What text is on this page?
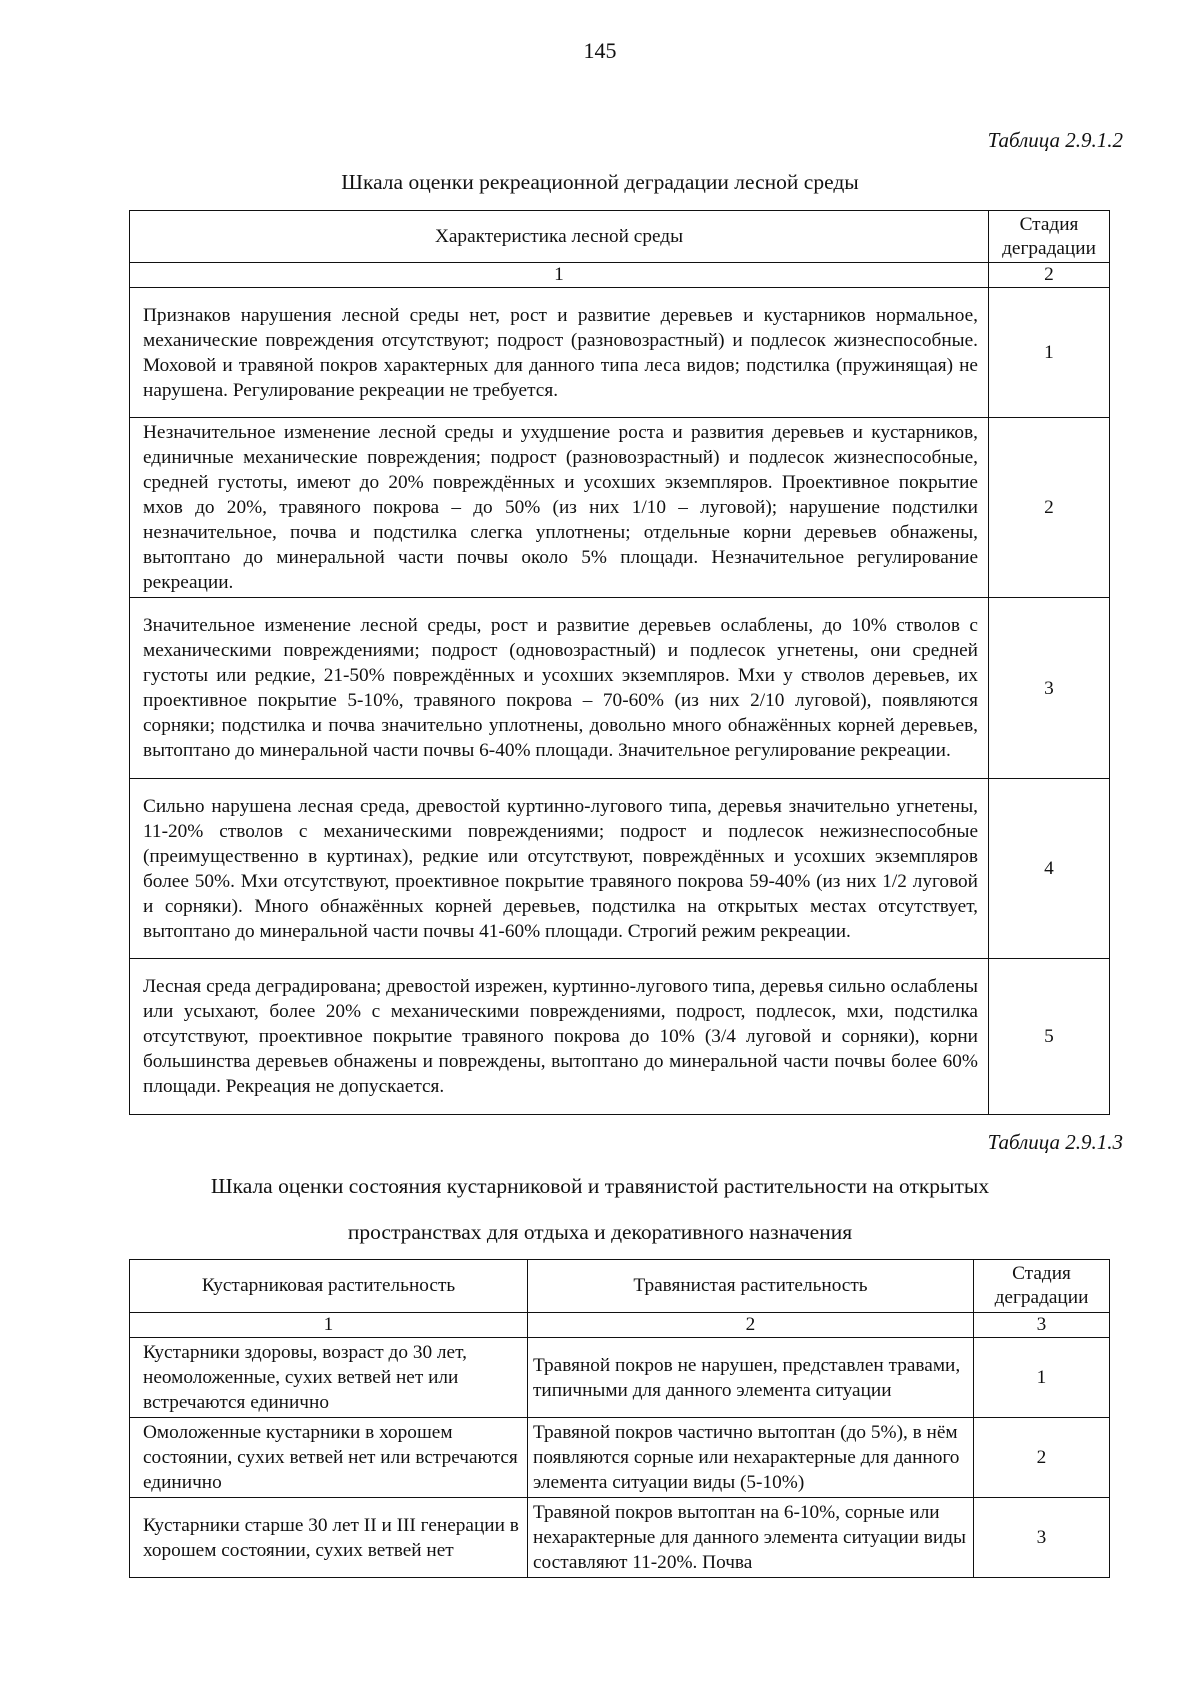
145
Таблица 2.9.1.2
Шкала оценки рекреационной деградации лесной среды
Характеристика лесной среды	Стадия деградации
1	2
Признаков нарушения лесной среды нет, рост и развитие деревьев и кустарников нормальное, механические повреждения отсутствуют; подрост (разновозрастный) и подлесок жизнеспособные. Моховой и травяной покров характерных для данного типа леса видов; подстилка (пружинящая) не нарушена. Регулирование рекреации не требуется.	1
Незначительное изменение лесной среды и ухудшение роста и развития деревьев и кустарников, единичные механические повреждения; подрост (разновозрастный) и подлесок жизнеспособные, средней густоты, имеют до 20% повреждённых и усохших экземпляров. Проективное покрытие мхов до 20%, травяного покрова – до 50% (из них 1/10 – луговой); нарушение подстилки незначительное, почва и подстилка слегка уплотнены; отдельные корни деревьев обнажены, вытоптано до минеральной части почвы около 5% площади. Незначительное регулирование рекреации.	2
Значительное изменение лесной среды, рост и развитие деревьев ослаблены, до 10% стволов с механическими повреждениями; подрост (одновозрастный) и подлесок угнетены, они средней густоты или редкие, 21-50% повреждённых и усохших экземпляров. Мхи у стволов деревьев, их проективное покрытие 5-10%, травяного покрова – 70-60% (из них 2/10 луговой), появляются сорняки; подстилка и почва значительно уплотнены, довольно много обнажённых корней деревьев, вытоптано до минеральной части почвы 6-40% площади. Значительное регулирование рекреации.	3
Сильно нарушена лесная среда, древостой куртинно-лугового типа, деревья значительно угнетены, 11-20% стволов с механическими повреждениями; подрост и подлесок нежизнеспособные (преимущественно в куртинах), редкие или отсутствуют, повреждённых и усохших экземпляров более 50%. Мхи отсутствуют, проективное покрытие травяного покрова 59-40% (из них 1/2 луговой и сорняки). Много обнажённых корней деревьев, подстилка на открытых местах отсутствует, вытоптано до минеральной части почвы 41-60% площади. Строгий режим рекреации.	4
Лесная среда деградирована; древостой изрежен, куртинно-лугового типа, деревья сильно ослаблены или усыхают, более 20% с механическими повреждениями, подрост, подлесок, мхи, подстилка отсутствуют, проективное покрытие травяного покрова до 10% (3/4 луговой и сорняки), корни большинства деревьев обнажены и повреждены, вытоптано до минеральной части почвы более 60% площади. Рекреация не допускается.	5
Таблица 2.9.1.3
Шкала оценки состояния кустарниковой и травянистой растительности на открытых
пространствах для отдыха и декоративного назначения
Кустарниковая растительность	Травянистая растительность	Стадия деградации
1	2	3
Кустарники здоровы, возраст до 30 лет, неомоложенные, сухих ветвей нет или встречаются единично	Травяной покров не нарушен, представлен травами, типичными для данного элемента ситуации	1
Омоложенные кустарники в хорошем состоянии, сухих ветвей нет или встречаются единично	Травяной покров частично вытоптан (до 5%), в нём появляются сорные или нехарактерные для данного элемента ситуации виды (5-10%)	2
Кустарники старше 30 лет II и III генерации в хорошем состоянии, сухих ветвей нет	Травяной покров вытоптан на 6-10%, сорные или нехарактерные для данного элемента ситуации виды составляют 11-20%. Почва	3
